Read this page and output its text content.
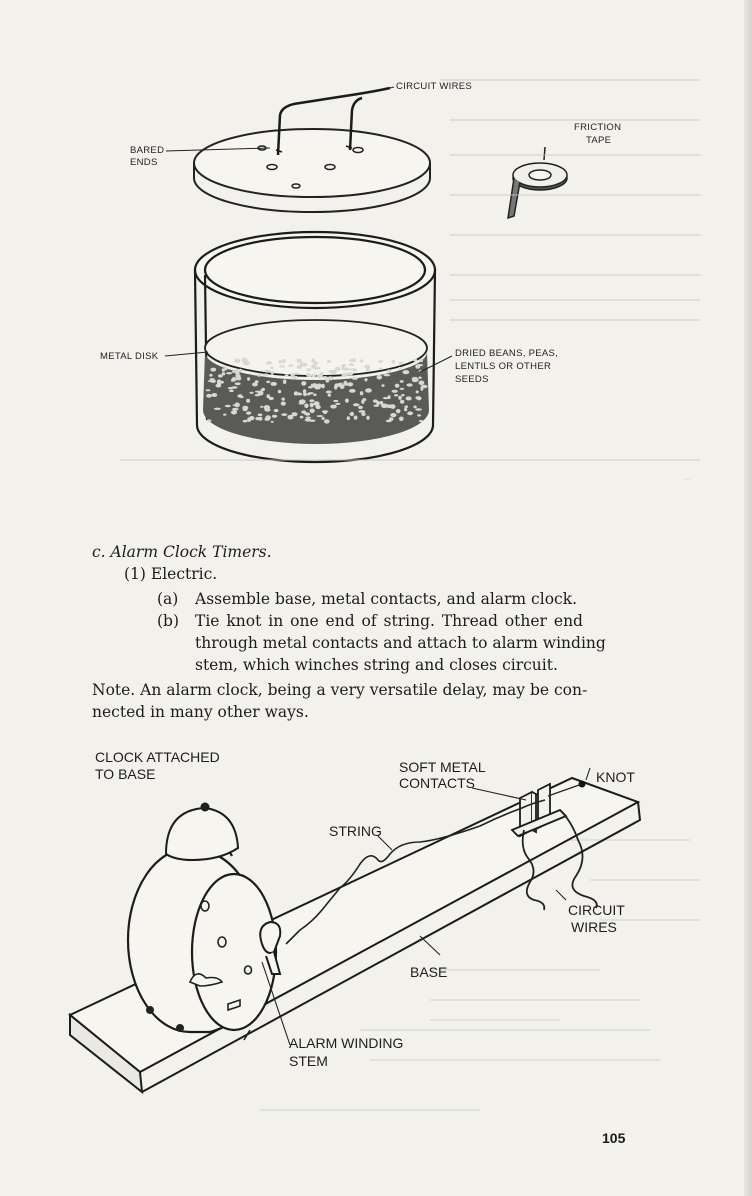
CIRCUIT WIRES
FRICTION
TAPE
BARED
ENDS
METAL DISK	DRIED BEANS, PEAS,
LENTILS OR OTHER
SEEDS
c. Alarm Clock Timers.
(1) Electric.
(a) Assemble base, metal contacts, and alarm clock.
(b) Tie knot in one end of string. Thread other end
through metal contacts and attach to alarm winding
stem, which winches string and closes circuit.
Note. An alarm clock, being a very versatile delay, may be con-
nected in many other ways.
CLOCK ATTACHED
TO BASE	SOFT METAL
CONTACTS	KNOT
STRING
CIRCUIT
WIRES
BASE
ALARM WINDING
STEM
105
